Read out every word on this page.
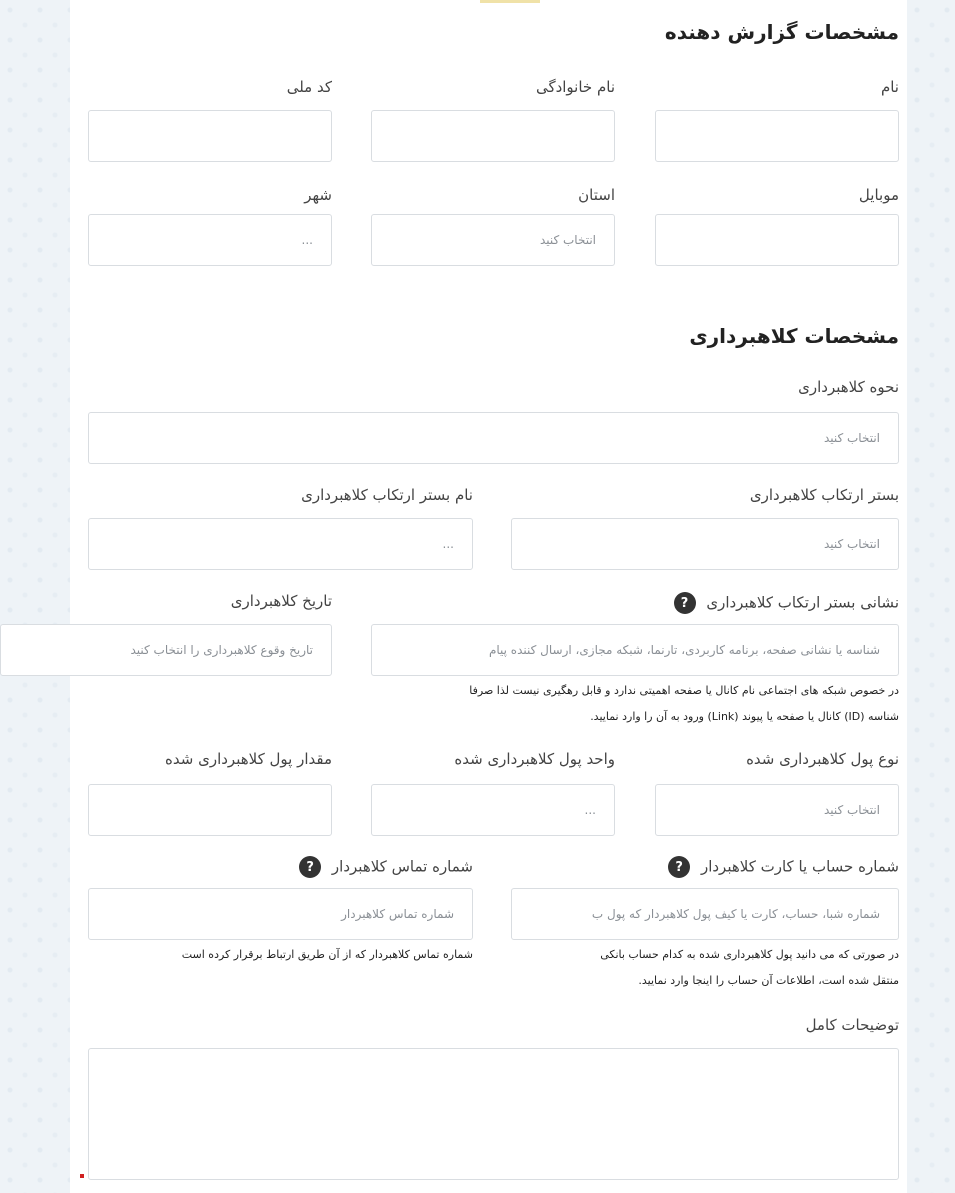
مشخصات گزارش دهنده
نام
نام خانوادگی
کد ملی
موبایل
استان
شهر
انتخاب کنید
...
مشخصات کلاهبرداری
نحوه کلاهبرداری
انتخاب کنید
بستر ارتکاب کلاهبرداری
نام بستر ارتکاب کلاهبرداری
انتخاب کنید
...
نشانی بستر ارتکاب کلاهبرداری ?
تاریخ کلاهبرداری
شناسه یا نشانی صفحه، برنامه کاربردی، تارنما، شبکه مجازی، ارسال کننده پیام
تاریخ وقوع کلاهبرداری را انتخاب کنید
در خصوص شبکه های اجتماعی نام کانال یا صفحه اهمیتی ندارد و قابل رهگیری نیست لذا صرفا
شناسه (ID) کانال یا صفحه یا پیوند (Link) ورود به آن را وارد نمایید.
نوع پول کلاهبرداری شده
واحد پول کلاهبرداری شده
مقدار پول کلاهبرداری شده
انتخاب کنید
...
شماره حساب یا کارت کلاهبردار ?
شماره تماس کلاهبردار ?
شماره شبا، حساب، کارت یا کیف پول کلاهبردار که پول ب
شماره تماس کلاهبردار
در صورتی که می دانید پول کلاهبرداری شده به کدام حساب بانکی
منتقل شده است، اطلاعات آن حساب را اینجا وارد نمایید.
شماره تماس کلاهبردار که از آن طریق ارتباط برقرار کرده است
توضیحات کامل
